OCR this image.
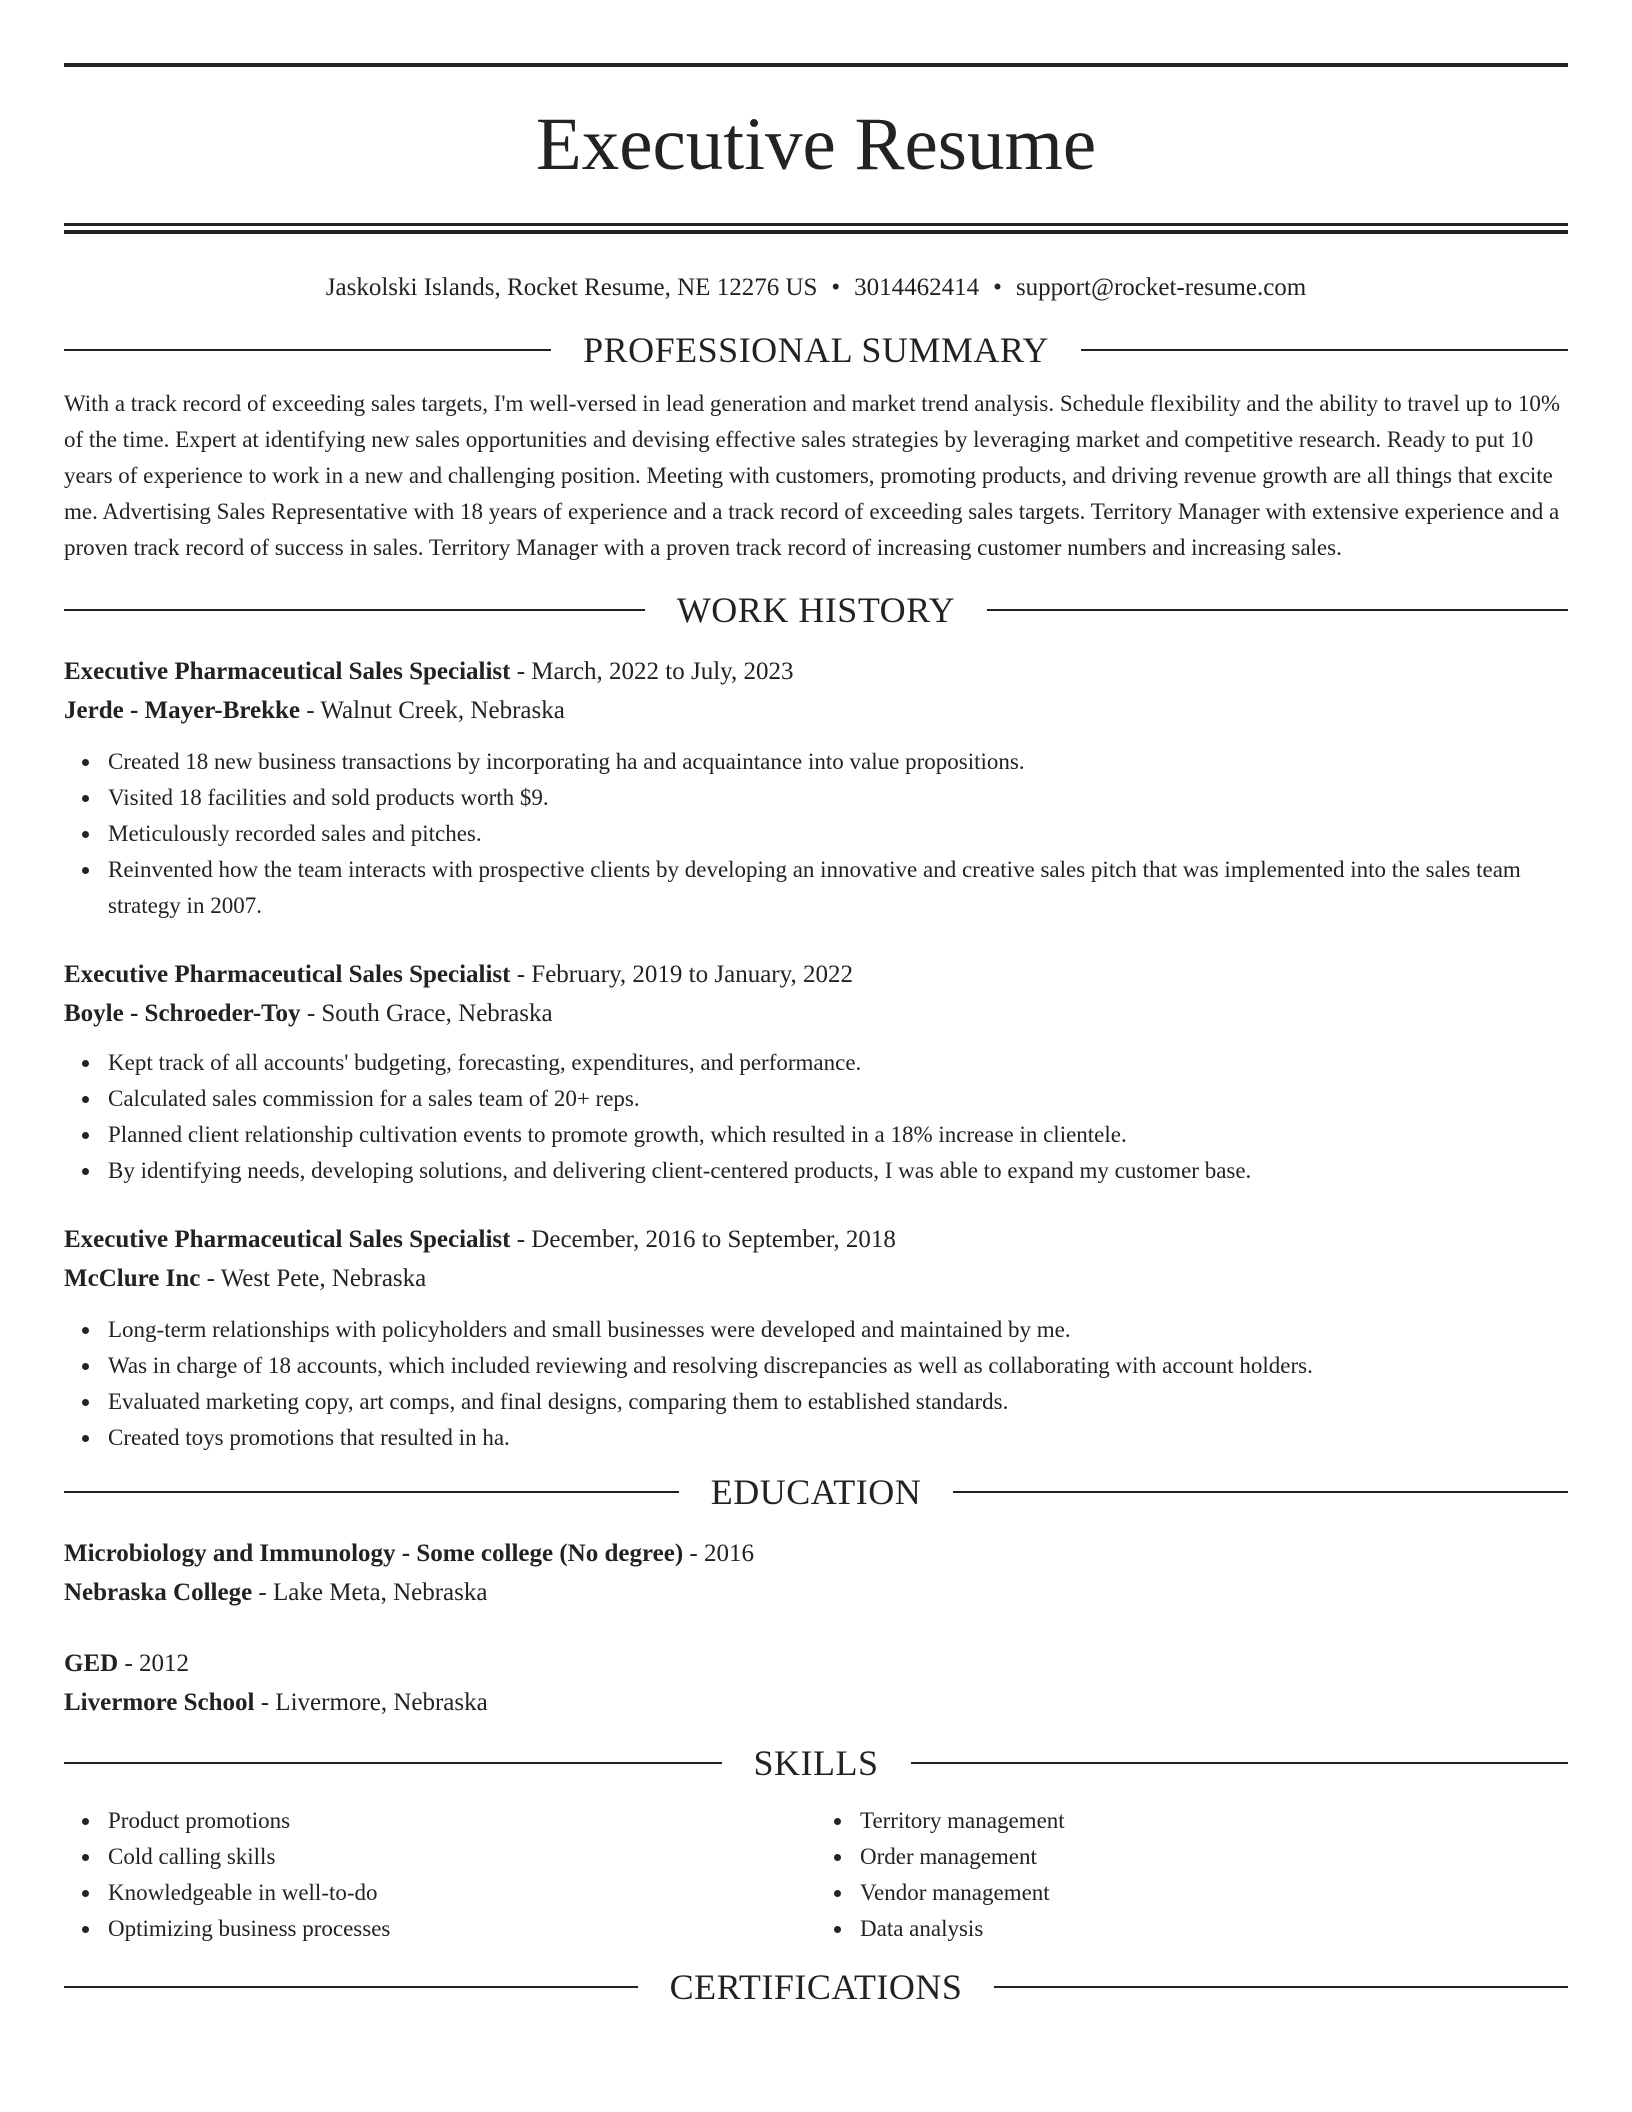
Executive Resume
Jaskolski Islands, Rocket Resume, NE 12276 US • 3014462414 • support@rocket-resume.com
PROFESSIONAL SUMMARY

With a track record of exceeding sales targets, I'm well-versed in lead generation and market trend analysis. Schedule flexibility and the ability to travel up to 10% of the time. Expert at identifying new sales opportunities and devising effective sales strategies by leveraging market and competitive research. Ready to put 10 years of experience to work in a new and challenging position. Meeting with customers, promoting products, and driving revenue growth are all things that excite me. Advertising Sales Representative with 18 years of experience and a track record of exceeding sales targets. Territory Manager with extensive experience and a proven track record of success in sales. Territory Manager with a proven track record of increasing customer numbers and increasing sales.

WORK HISTORY
Executive Pharmaceutical Sales Specialist - March, 2022 to July, 2023
Jerde - Mayer-Brekke - Walnut Creek, Nebraska
Created 18 new business transactions by incorporating ha and acquaintance into value propositions.
Visited 18 facilities and sold products worth $9.
Meticulously recorded sales and pitches.
Reinvented how the team interacts with prospective clients by developing an innovative and creative sales pitch that was implemented into the sales team strategy in 2007.
Executive Pharmaceutical Sales Specialist - February, 2019 to January, 2022
Boyle - Schroeder-Toy - South Grace, Nebraska
Kept track of all accounts' budgeting, forecasting, expenditures, and performance.
Calculated sales commission for a sales team of 20+ reps.
Planned client relationship cultivation events to promote growth, which resulted in a 18% increase in clientele.
By identifying needs, developing solutions, and delivering client-centered products, I was able to expand my customer base.
Executive Pharmaceutical Sales Specialist - December, 2016 to September, 2018
McClure Inc - West Pete, Nebraska
Long-term relationships with policyholders and small businesses were developed and maintained by me.
Was in charge of 18 accounts, which included reviewing and resolving discrepancies as well as collaborating with account holders.
Evaluated marketing copy, art comps, and final designs, comparing them to established standards.
Created toys promotions that resulted in ha.
EDUCATION
Microbiology and Immunology - Some college (No degree) - 2016
Nebraska College - Lake Meta, Nebraska
GED - 2012
Livermore School - Livermore, Nebraska
SKILLS
Product promotions
Cold calling skills
Knowledgeable in well-to-do
Optimizing business processes
Territory management
Order management
Vendor management
Data analysis
CERTIFICATIONS
